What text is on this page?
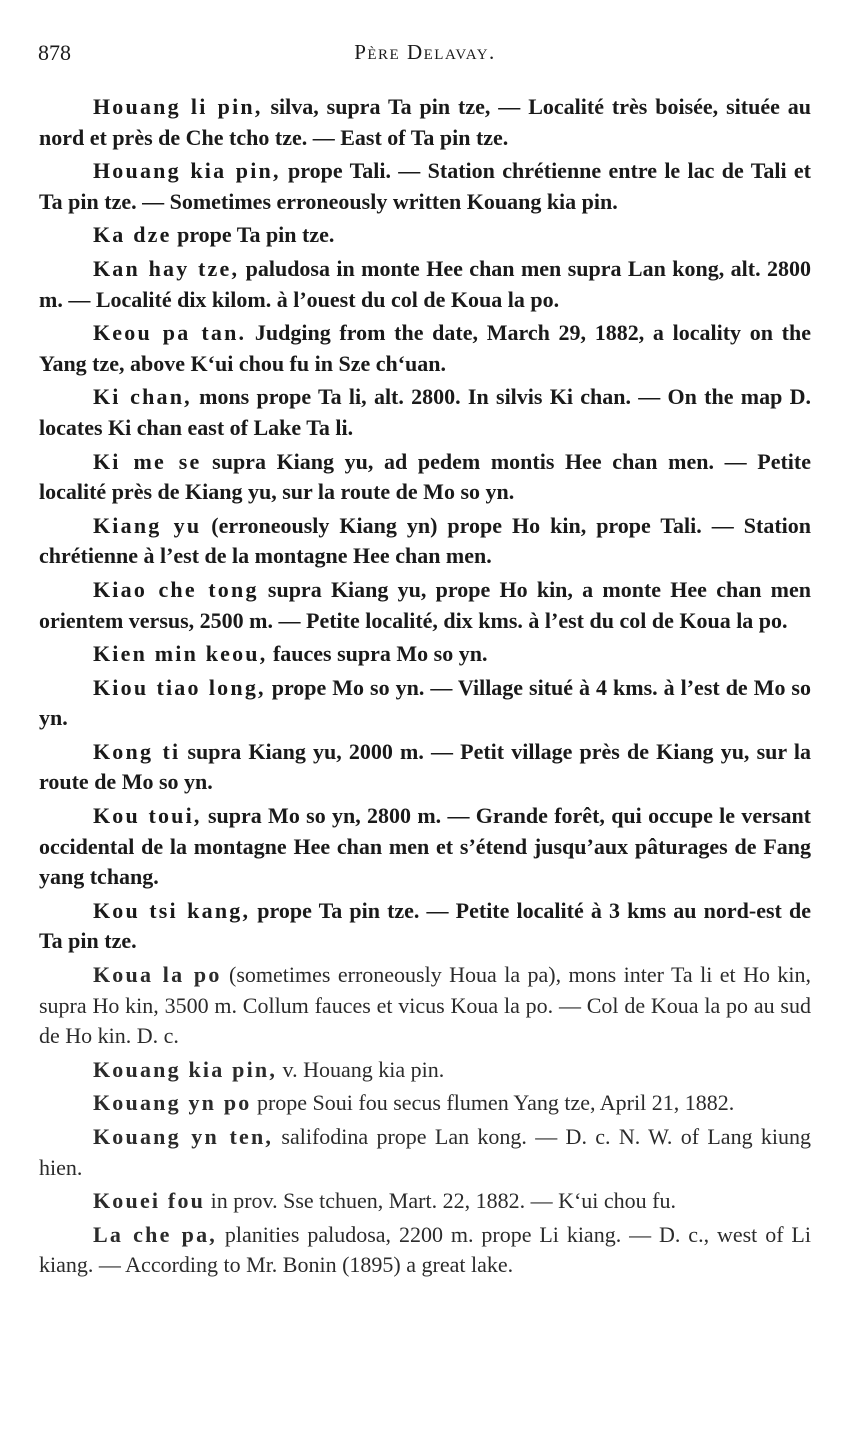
878	Père Delavay.

Houang li pin, silva, supra Ta pin tze, — Localité très boisée, située au nord et près de Che tcho tze. — East of Ta pin tze.

Houang kia pin, prope Tali. — Station chrétienne entre le lac de Tali et Ta pin tze. — Sometimes erroneously written Kouang kia pin.

Ka dze prope Ta pin tze.

Kan hay tze, paludosa in monte Hee chan men supra Lan kong, alt. 2800 m. — Localité dix kilom. à l’ouest du col de Koua la po.

Keou pa tan. Judging from the date, March 29, 1882, a locality on the Yang tze, above Kʻui chou fu in Sze chʻuan.

Ki chan, mons prope Ta li, alt. 2800. In silvis Ki chan. — On the map D. locates Ki chan east of Lake Ta li.

Ki me se supra Kiang yu, ad pedem montis Hee chan men. — Petite localité près de Kiang yu, sur la route de Mo so yn.

Kiang yu (erroneously Kiang yn) prope Ho kin, prope Tali. — Station chrétienne à l’est de la montagne Hee chan men.

Kiao che tong supra Kiang yu, prope Ho kin, a monte Hee chan men orientem versus, 2500 m. — Petite localité, dix kms. à l’est du col de Koua la po.

Kien min keou, fauces supra Mo so yn.

Kiou tiao long, prope Mo so yn. — Village situé à 4 kms. à l’est de Mo so yn.

Kong ti supra Kiang yu, 2000 m. — Petit village près de Kiang yu, sur la route de Mo so yn.

Kou toui, supra Mo so yn, 2800 m. — Grande forêt, qui occupe le versant occidental de la montagne Hee chan men et s’étend jusqu’aux pâturages de Fang yang tchang.

Kou tsi kang, prope Ta pin tze. — Petite localité à 3 kms au nord-est de Ta pin tze.

Koua la po (sometimes erroneously Houa la pa), mons inter Ta li et Ho kin, supra Ho kin, 3500 m. Collum fauces et vicus Koua la po. — Col de Koua la po au sud de Ho kin. D. c.

Kouang kia pin, v. Houang kia pin.

Kouang yn po prope Soui fou secus flumen Yang tze, April 21, 1882.

Kouang yn ten, salifodina prope Lan kong. — D. c. N. W. of Lang kiung hien.

Kouei fou in prov. Sse tchuen, Mart. 22, 1882. — Kʻui chou fu.

La che pa, planities paludosa, 2200 m. prope Li kiang. — D. c., west of Li kiang. — According to Mr. Bonin (1895) a great lake.
